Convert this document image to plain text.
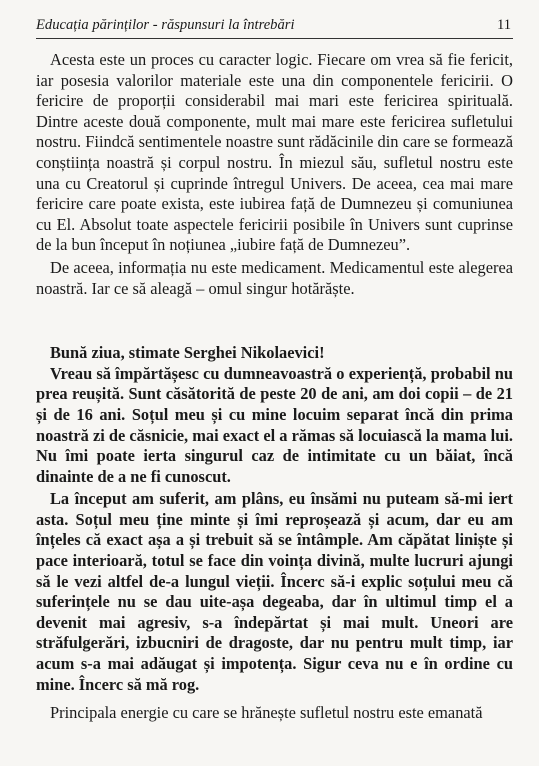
Educația părinților - răspunsuri la întrebări	11

Acesta este un proces cu caracter logic. Fiecare om vrea să fie fericit, iar posesia valorilor materiale este una din componentele fericirii. O fericire de proporții considerabil mai mari este fericirea spirituală. Dintre aceste două componente, mult mai mare este fericirea sufletului nostru. Fiindcă sentimentele noastre sunt rădăcinile din care se formează conștiința noastră și corpul nostru. În miezul său, sufletul nostru este una cu Creatorul și cuprinde întregul Univers. De aceea, cea mai mare fericire care poate exista, este iubirea față de Dumnezeu și comuniunea cu El. Absolut toate aspectele fericirii posibile în Univers sunt cuprinse de la bun început în noțiunea „iubire față de Dumnezeu”.

De aceea, informația nu este medicament. Medicamentul este alegerea noastră. Iar ce să aleagă – omul singur hotărăște.

Bună ziua, stimate Serghei Nikolaevici!

Vreau să împărtășesc cu dumneavoastră o experiență, probabil nu prea reușită. Sunt căsătorită de peste 20 de ani, am doi copii – de 21 și de 16 ani. Soțul meu și cu mine locuim separat încă din prima noastră zi de căsnicie, mai exact el a rămas să locuiască la mama lui. Nu îmi poate ierta singurul caz de intimitate cu un băiat, încă dinainte de a ne fi cunoscut.

La început am suferit, am plâns, eu însămi nu puteam să-mi iert asta. Soțul meu ține minte și îmi reproșează și acum, dar eu am înțeles că exact așa a și trebuit să se întâmple. Am căpătat liniște și pace interioară, totul se face din voința divină, multe lucruri ajungi să le vezi altfel de-a lungul vieții. Încerc să-i explic soțului meu că suferințele nu se dau uite-așa degeaba, dar în ultimul timp el a devenit mai agresiv, s-a îndepărtat și mai mult. Uneori are străfulgerări, izbucniri de dragoste, dar nu pentru mult timp, iar acum s-a mai adăugat și impotența. Sigur ceva nu e în ordine cu mine. Încerc să mă rog.

Principala energie cu care se hrănește sufletul nostru este emanată
